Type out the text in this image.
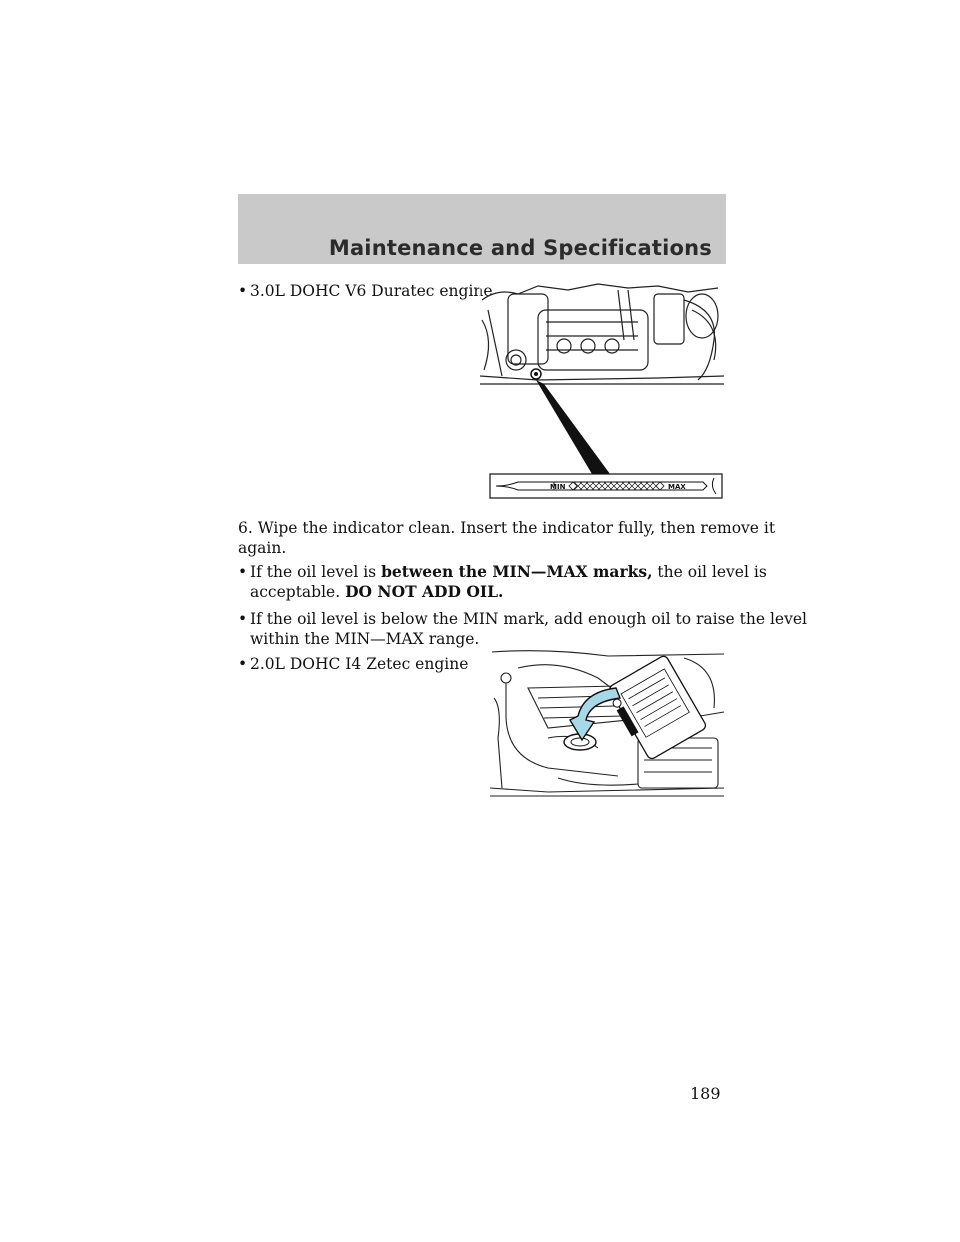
Maintenance and Specifications
• 3.0L DOHC V6 Duratec engine
MIN	MAX
6. Wipe the indicator clean. Insert the indicator fully, then remove it
again.
• If the oil level is between the MIN—MAX marks, the oil level is
acceptable. DO NOT ADD OIL.
• If the oil level is below the MIN mark, add enough oil to raise the level
within the MIN—MAX range.
• 2.0L DOHC I4 Zetec engine
189
